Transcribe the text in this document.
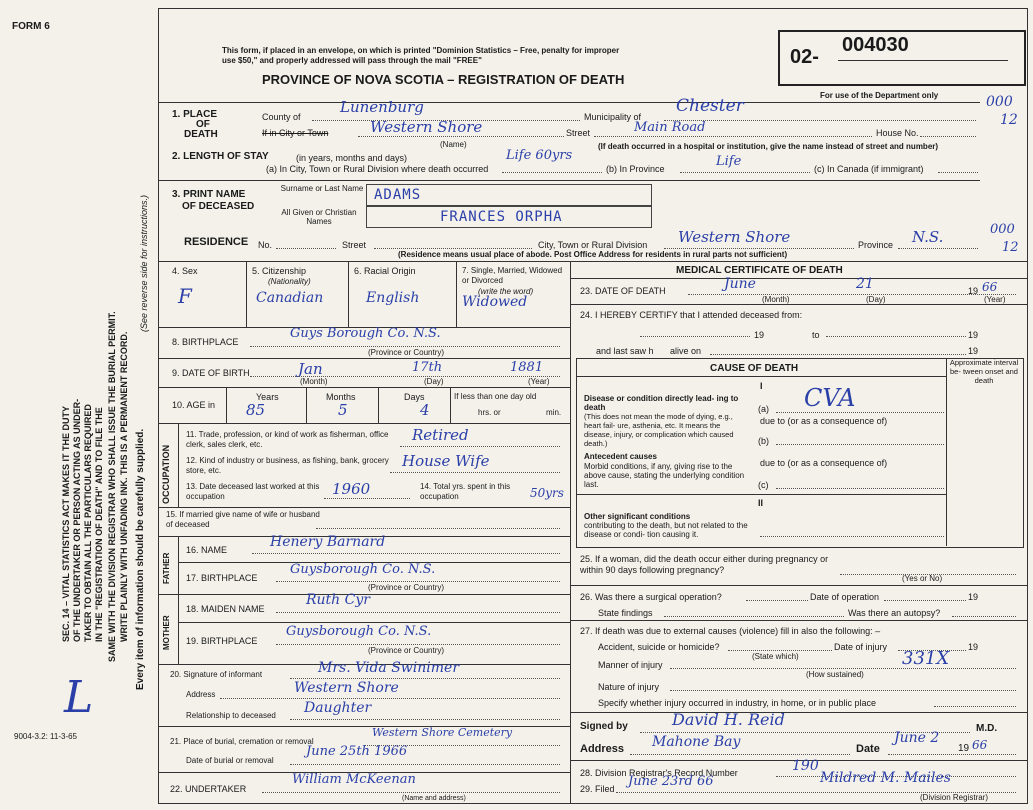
FORM 6
SEC. 14 – VITAL STATISTICS ACT MAKES IT THE DUTY OF THE UNDERTAKER OR PERSON ACTING AS UNDER- TAKER TO OBTAIN ALL THE PARTICULARS REQUIRED IN THE "REGISTRATION OF DEATH" AND TO FILE THE SAME WITH THE DIVISION REGISTRAR WHO SHALL ISSUE THE BURIAL PERMIT. WRITE PLAINLY WITH UNFADING INK. THIS IS A PERMANENT RECORD. Every item of information should be carefully supplied.
(See reverse side for instructions.)
L
9004-3.2: 11-3-65
This form, if placed in an envelope, on which is printed "Dominion Statistics – Free, penalty for improper
use $50," and properly addressed will pass through the mail "FREE"
PROVINCE OF NOVA SCOTIA – REGISTRATION OF DEATH
02-
004030
For use of the Department only	000
12
1. PLACE
OF
DEATH
County of
Lunenburg
Municipality of
Chester
If in City or Town	Western Shore
(Name)
Street	Main Road	House No.
(If death occurred in a hospital or institution, give the name instead of street and number)
2. LENGTH OF STAY	(in years, months and days)
(a) In City, Town or Rural Division where death occurred
Life 60yrs
(b) In Province	Life	(c) In Canada (if immigrant)
3. PRINT NAME
OF DECEASED
Surname or Last Name ADAMS
All Given or Christian Names	FRANCES ORPHA
RESIDENCE No.	Street	City, Town or Rural Division Western Shore	Province N.S.
(Residence means usual place of abode. Post Office Address for residents in rural parts not sufficient)
000
12
4. Sex
F
5. Citizenship
(Nationality)
Canadian
6. Racial Origin
English
7. Single, Married, Widowed or Divorced
(write the word)
Widowed
8. BIRTHPLACE
Guys Borough Co. N.S.
(Province or Country)
9. DATE OF BIRTH	Jan	17th	1881
(Month)	(Day)	(Year)
10. AGE in
Years	Months	Days
85	5	4
If less than one day old
hrs. or	min.
OCCUPATION
11. Trade, profession, or kind of work as fisherman, office clerk, sales clerk, etc.
Retired
12. Kind of industry or business, as fishing, bank, grocery store, etc.
House Wife
13. Date deceased last worked at this occupation	1960	14. Total yrs. spent in this occupation	50yrs
15. If married give name of wife or husband of deceased
FATHER
16. NAME	Henery Barnard
17. BIRTHPLACE
Guysborough Co. N.S.
(Province or Country)
MOTHER
18. MAIDEN NAME
Ruth Cyr
19. BIRTHPLACE
Guysborough Co. N.S.
(Province or Country)
20. Signature of informant	Mrs. Vida Swinimer
Address	Western Shore
Relationship to deceased Daughter
21. Place of burial, cremation or removal
Western Shore Cemetery
Date of burial or removal
June 25th 1966
22. UNDERTAKER
William McKeenan
(Name and address)
MEDICAL CERTIFICATE OF DEATH
23. DATE OF DEATH	June	21	19 66
(Month)	(Day)	(Year)
24. I HEREBY CERTIFY that I attended deceased from:
19	to	19
and last saw h alive on	19
CAUSE OF DEATH
Approximate interval be- tween onset and death
I
Disease or condition directly lead- ing to death
(This does not mean the mode of dying, e.g., heart fail- ure, asthenia, etc. It means the disease, injury, or complication which caused death.)
(a) CVA
due to (or as a consequence of)
(b)
Antecedent causes
Morbid conditions, if any, giving rise to the above cause, stating the underlying condition last.
due to (or as a consequence of)
(c)
II
Other significant conditions
contributing to the death, but not related to the disease or condi- tion causing it.
25. If a woman, did the death occur either during pregnancy or within 90 days following pregnancy?
(Yes or No)
26. Was there a surgical operation?	Date of operation	19
State findings	Was there an autopsy?
27. If death was due to external causes (violence) fill in also the following: –
Accident, suicide or homicide?
(State which)
Date of injury	19
331X
Manner of injury
(How sustained)
Nature of injury
Specify whether injury occurred in industry, in home, or in public place
Signed by	David H. Reid	M.D.
Address Mahone Bay	Date
June 2
19 66
28. Division Registrar's Record Number	190
29. Filed June 23rd 66	Mildred M. Mailes
(Division Registrar)
